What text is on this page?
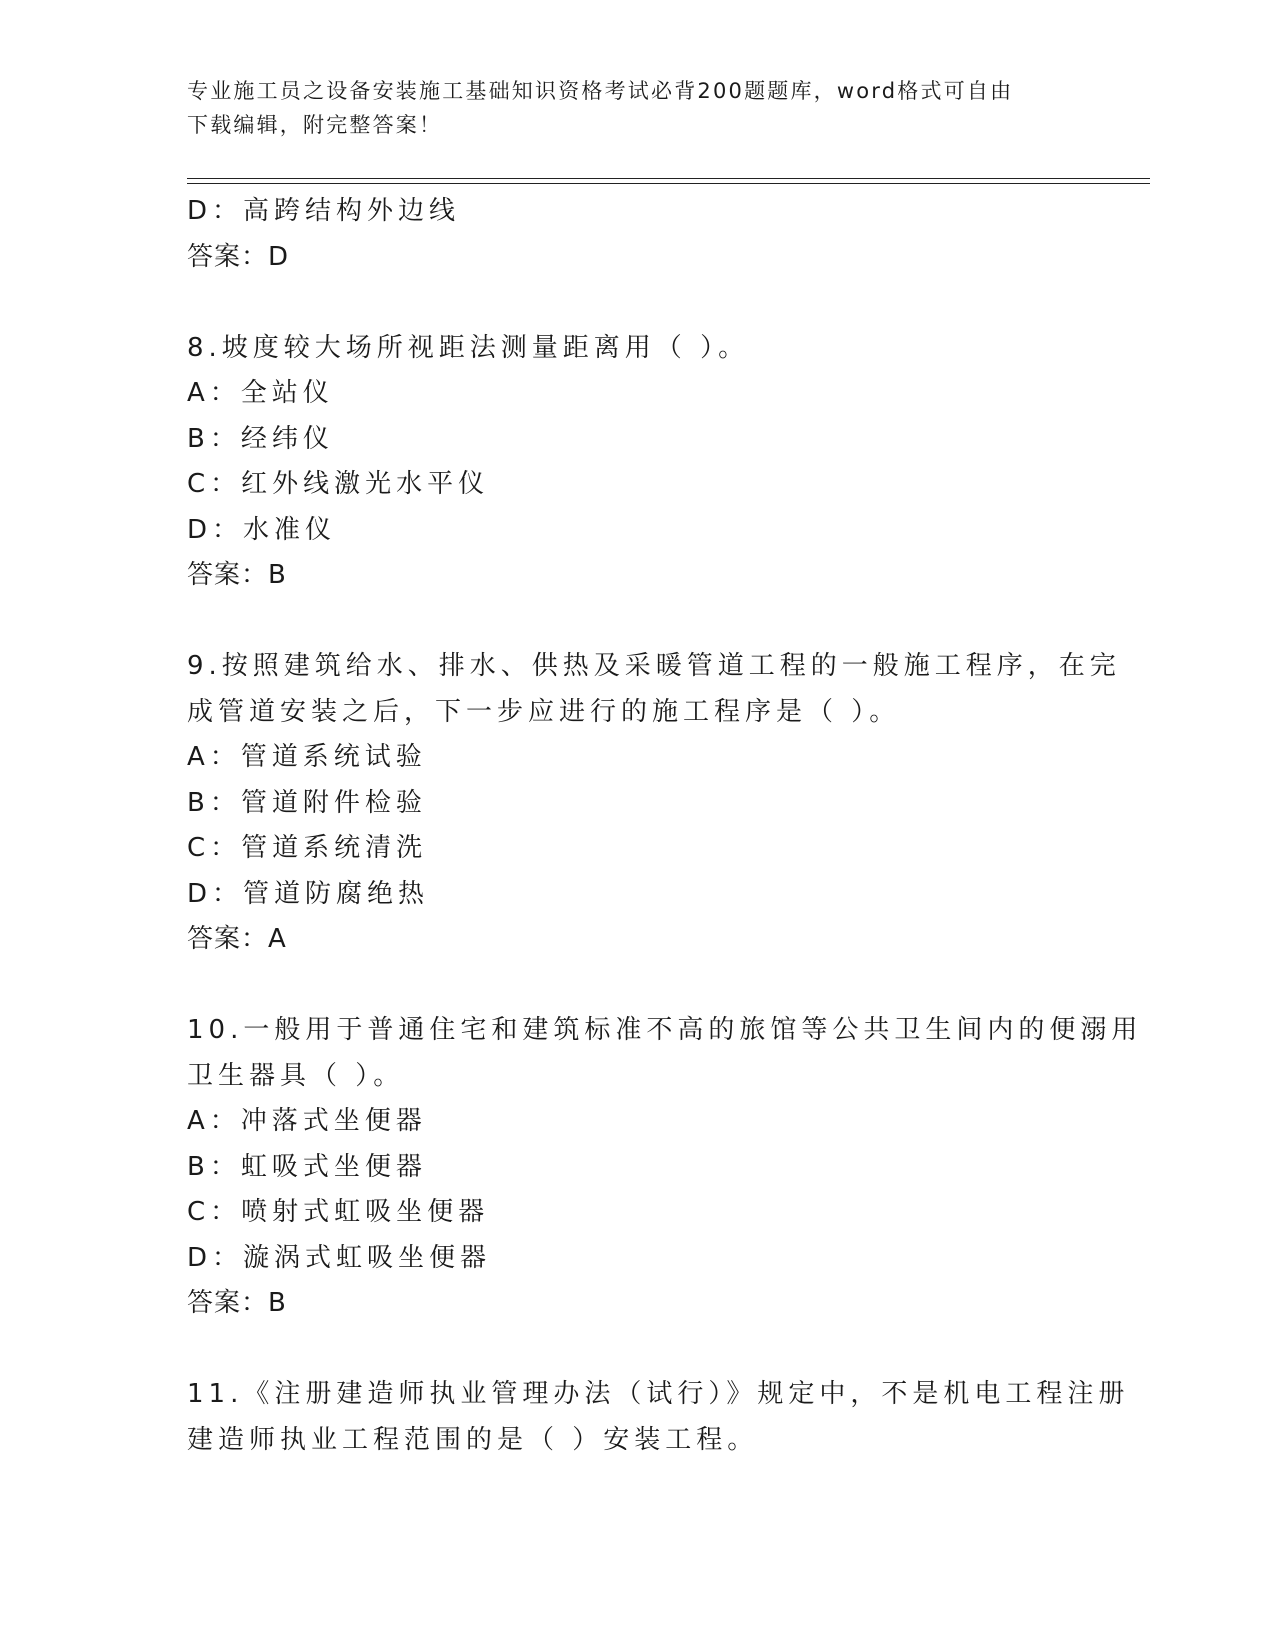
专业施工员之设备安装施工基础知识资格考试必背200题题库，word格式可自由
下载编辑，附完整答案！
D：高跨结构外边线
答案：D
8.坡度较大场所视距法测量距离用（ ）。
A：全站仪
B：经纬仪
C：红外线激光水平仪
D：水准仪
答案：B
9.按照建筑给水、排水、供热及采暖管道工程的一般施工程序，在完
成管道安装之后，下一步应进行的施工程序是（ ）。
A：管道系统试验
B：管道附件检验
C：管道系统清洗
D：管道防腐绝热
答案：A
10.一般用于普通住宅和建筑标准不高的旅馆等公共卫生间内的便溺用
卫生器具（ ）。
A：冲落式坐便器
B：虹吸式坐便器
C：喷射式虹吸坐便器
D：漩涡式虹吸坐便器
答案：B
11.《注册建造师执业管理办法（试行）》规定中，不是机电工程注册
建造师执业工程范围的是（ ）安装工程。
